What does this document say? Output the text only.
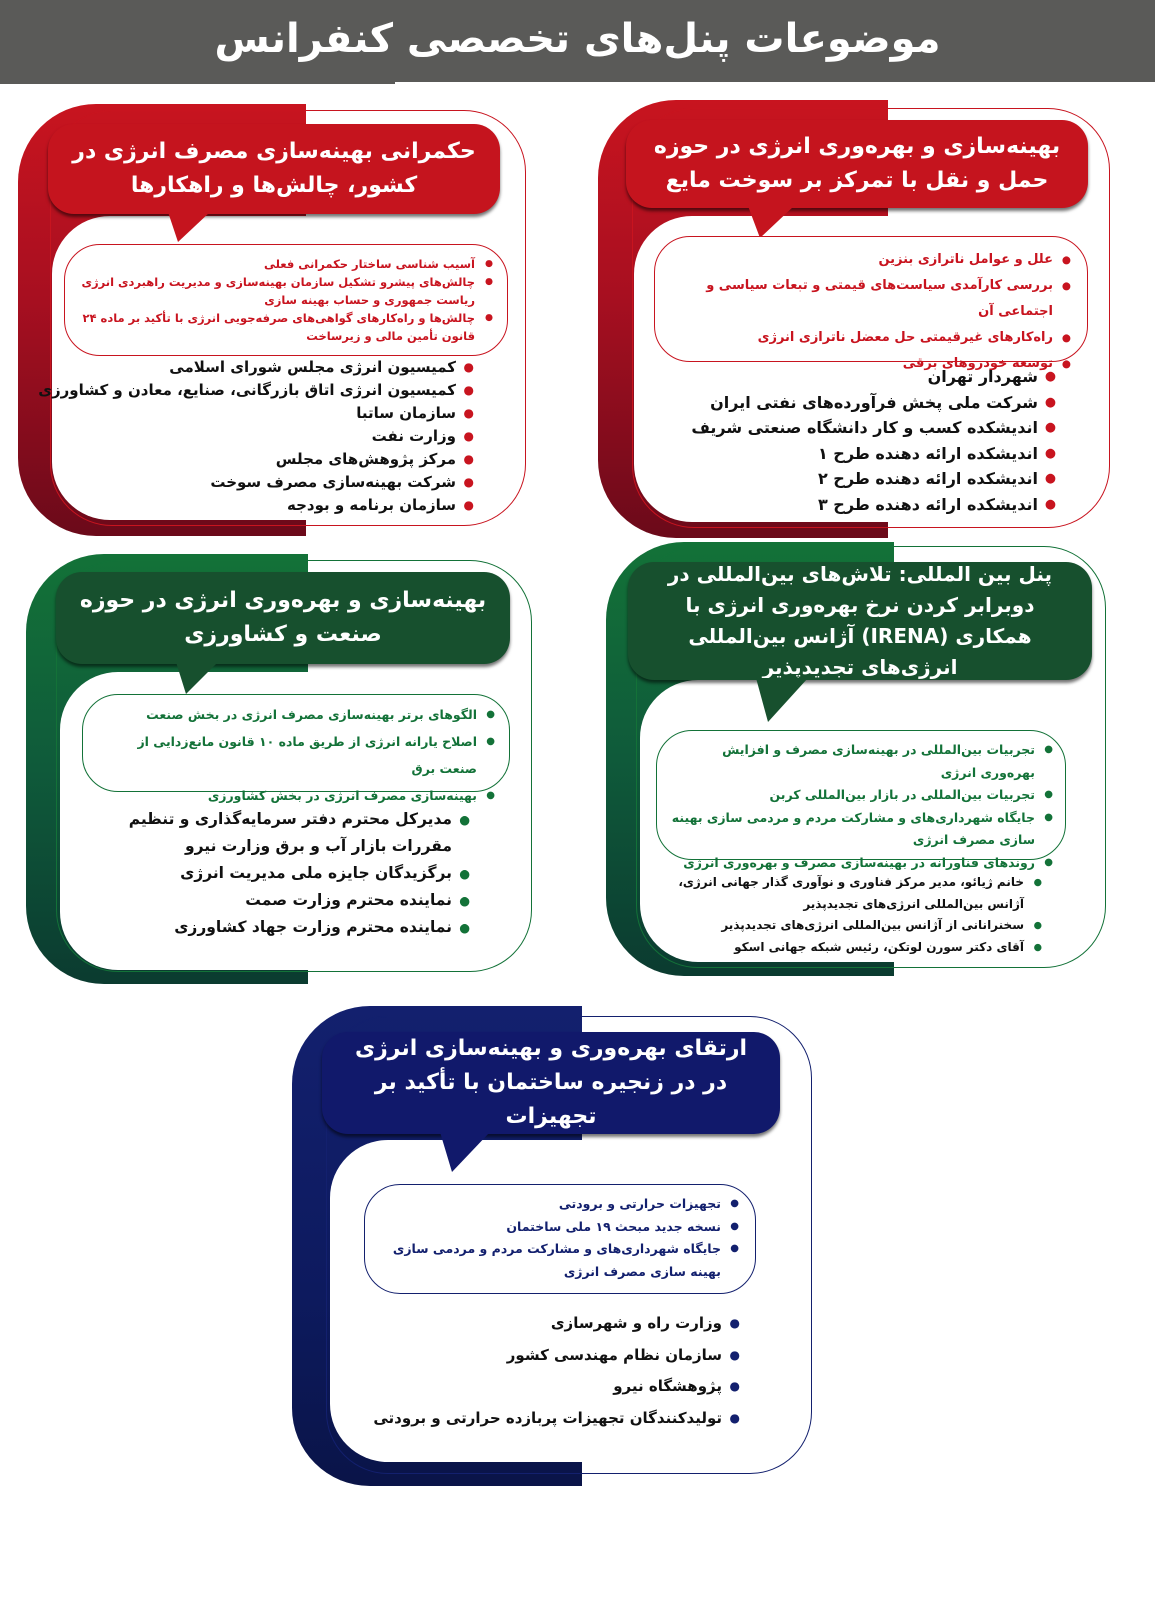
موضوعات پنل‌های تخصصی کنفرانس
بهینه‌سازی و بهره‌وری انرژی در حوزه حمل و نقل با تمرکز بر سوخت مایع
● علل و عوامل ناترازی بنزین
● بررسی کارآمدی سیاست‌های قیمتی و تبعات سیاسی و اجتماعی آن
● راه‌کارهای غیرقیمتی حل معضل ناترازی انرژی
● توسعه خودروهای برقی
● شهردار تهران
● شرکت ملی پخش فرآورده‌های نفتی ایران
● اندیشکده کسب و کار دانشگاه صنعتی شریف
● اندیشکده ارائه دهنده طرح ۱
● اندیشکده ارائه دهنده طرح ۲
● اندیشکده ارائه دهنده طرح ۳
حکمرانی بهینه‌سازی مصرف انرژی در کشور، چالش‌ها و راهکارها
● آسیب شناسی ساختار حکمرانی فعلی
● چالش‌های پیشرو تشکیل سازمان بهینه‌سازی و مدیریت راهبردی انرژی ریاست جمهوری و حساب بهینه سازی
● چالش‌ها و راه‌کارهای گواهی‌های صرفه‌جویی انرژی با تأکید بر ماده ۲۴ قانون تأمین مالی و زیرساخت
● کمیسیون انرژی مجلس شورای اسلامی
● کمیسیون انرژی اتاق بازرگانی، صنایع، معادن و کشاورزی
● سازمان ساتبا
● وزارت نفت
● مرکز پژوهش‌های مجلس
● شرکت بهینه‌سازی مصرف سوخت
● سازمان برنامه و بودجه
پنل بین المللی: تلاش‌های بین‌المللی در دوبرابر کردن نرخ بهره‌وری انرژی با همکاری (IRENA) آژانس بین‌المللی انرژی‌های تجدیدپذیر
● تجربیات بین‌المللی در بهینه‌سازی مصرف و افزایش بهره‌وری انرژی
● تجربیات بین‌المللی در بازار بین‌المللی کربن
● جایگاه شهرداری‌های و مشارکت مردم و مردمی سازی بهینه سازی مصرف انرژی
● روندهای فناورانه در بهینه‌سازی مصرف و بهره‌وری انرژی
● خانم ژیائو، مدیر مرکز فناوری و نوآوری گذار جهانی انرژی، آژانس بین‌المللی انرژی‌های تجدیدپذیر
● سخنرانانی از آژانس بین‌المللی انرژی‌های تجدیدپذیر
● آقای دکتر سورن لوتکن، رئیس شبکه جهانی اسکو
بهینه‌سازی و بهره‌وری انرژی در حوزه صنعت و کشاورزی
● الگوهای برتر بهینه‌سازی مصرف انرژی در بخش صنعت
● اصلاح یارانه انرژی از طریق ماده ۱۰ قانون مانع‌زدایی از صنعت برق
● بهینه‌سازی مصرف انرژی در بخش کشاورزی
● مدیرکل محترم دفتر سرمایه‌گذاری و تنظیم مقررات بازار آب و برق وزارت نیرو
● برگزیدگان جایزه ملی مدیریت انرژی
● نماینده محترم وزارت صمت
● نماینده محترم وزارت جهاد کشاورزی
ارتقای بهره‌وری و بهینه‌سازی انرژی در در زنجیره ساختمان با تأکید بر تجهیزات
● تجهیزات حرارتی و برودتی
● نسخه جدید مبحث ۱۹ ملی ساختمان
● جایگاه شهرداری‌های و مشارکت مردم و مردمی سازی بهینه سازی مصرف انرژی
● وزارت راه و شهرسازی
● سازمان نظام مهندسی کشور
● پژوهشگاه نیرو
● تولیدکنندگان تجهیزات پربازده حرارتی و برودتی
